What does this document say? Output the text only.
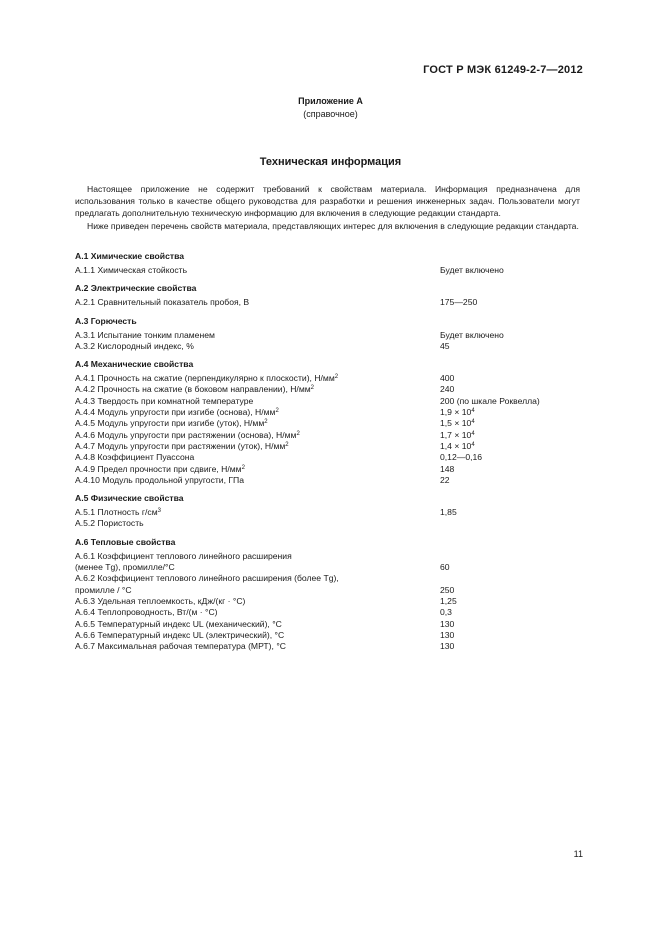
ГОСТ Р МЭК 61249-2-7—2012
Приложение А
(справочное)
Техническая информация

Настоящее приложение не содержит требований к свойствам материала. Информация предназначена для использования только в качестве общего руководства для разработки и решения инженерных задач. Пользователи могут предлагать дополнительную техническую информацию для включения в следующие редакции стандарта.

Ниже приведен перечень свойств материала, представляющих интерес для включения в следующие редакции стандарта.

A.1 Химические свойства
A.1.1 Химическая стойкость	Будет включено
A.2 Электрические свойства
A.2.1 Сравнительный показатель пробоя, В	175—250
A.3 Горючесть
A.3.1 Испытание тонким пламенем	Будет включено
A.3.2 Кислородный индекс, %	45
A.4 Механические свойства
A.4.1 Прочность на сжатие (перпендикулярно к плоскости), $Н/мм^2$	400
A.4.2 Прочность на сжатие (в боковом направлении), $Н/мм^2$	240
A.4.3 Твердость при комнатной температуре	200 (по шкале Роквелла)
A.4.4 Модуль упругости при изгибе (основа), $Н/мм^2$	$1,9 \times 10^4$
A.4.5 Модуль упругости при изгибе (уток), $Н/мм^2$	$1,5 \times 10^4$
A.4.6 Модуль упругости при растяжении (основа), $Н/мм^2$	$1,7 \times 10^4$
A.4.7 Модуль упругости при растяжении (уток), $Н/мм^2$	$1,4 \times 10^4$
A.4.8 Коэффициент Пуассона	0,12—0,16
A.4.9 Предел прочности при сдвиге, $Н/мм^2$	148
A.4.10 Модуль продольной упругости, ГПа	22
A.5 Физические свойства
A.5.1 Плотность $г/см^3$	1,85
A.5.2 Пористость
A.6 Тепловые свойства
A.6.1 Коэффициент теплового линейного расширения
(менее Tg), промилле/°C	60
A.6.2 Коэффициент теплового линейного расширения (более Tg),
промилле / °C	250
A.6.3 Удельная теплоемкость, кДж/(кг · °C)	1,25
A.6.4 Теплопроводность, Вт/(м · °C)	0,3
A.6.5 Температурный индекс UL (механический), °C	130
A.6.6 Температурный индекс UL (электрический), °C	130
A.6.7 Максимальная рабочая температура (МРТ), °C	130
11
